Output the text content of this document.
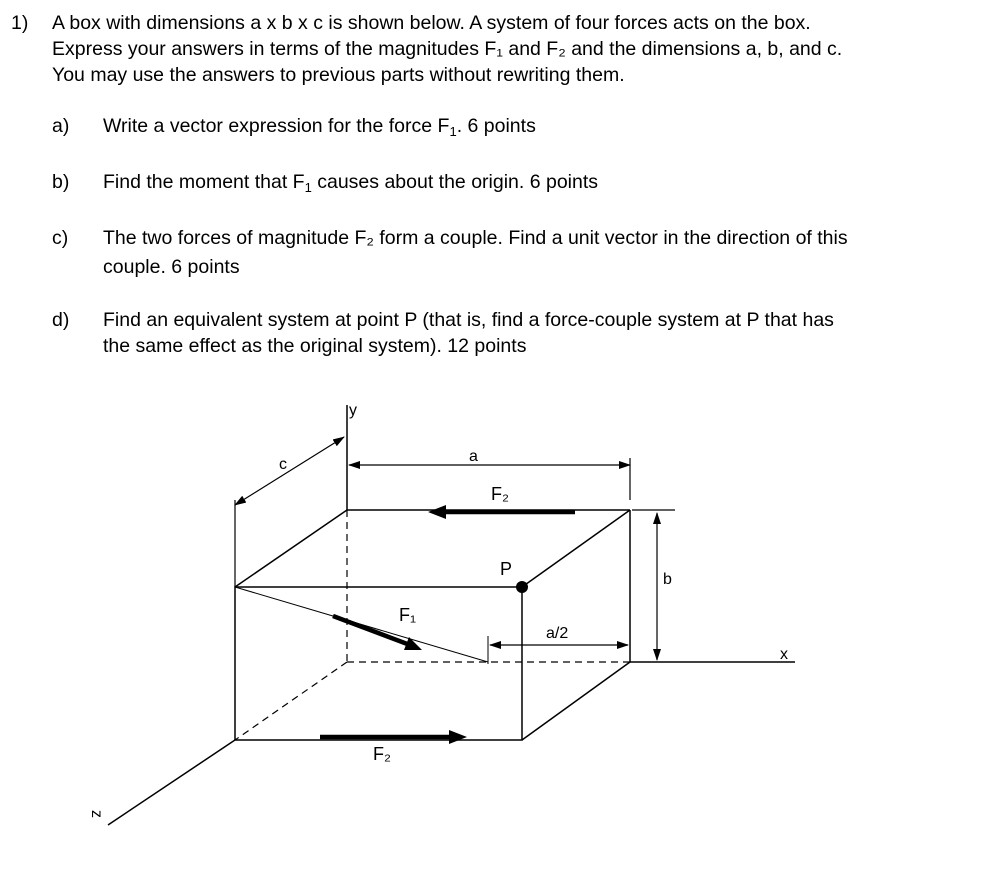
1) A box with dimensions a x b x c is shown below. A system of four forces acts on the box.
Express your answers in terms of the magnitudes F₁ and F₂ and the dimensions a, b, and c.
You may use the answers to previous parts without rewriting them.
a) Write a vector expression for the force $F_1$. 6 points
b) Find the moment that $F_1$ causes about the origin. 6 points
c) The two forces of magnitude F₂ form a couple. Find a unit vector in the direction of this
couple. 6 points
d) Find an equivalent system at point P (that is, find a force-couple system at P that has
the same effect as the original system). 12 points
y
x
z
c	a
b
a/2
F₁
F₂
F₂
P
